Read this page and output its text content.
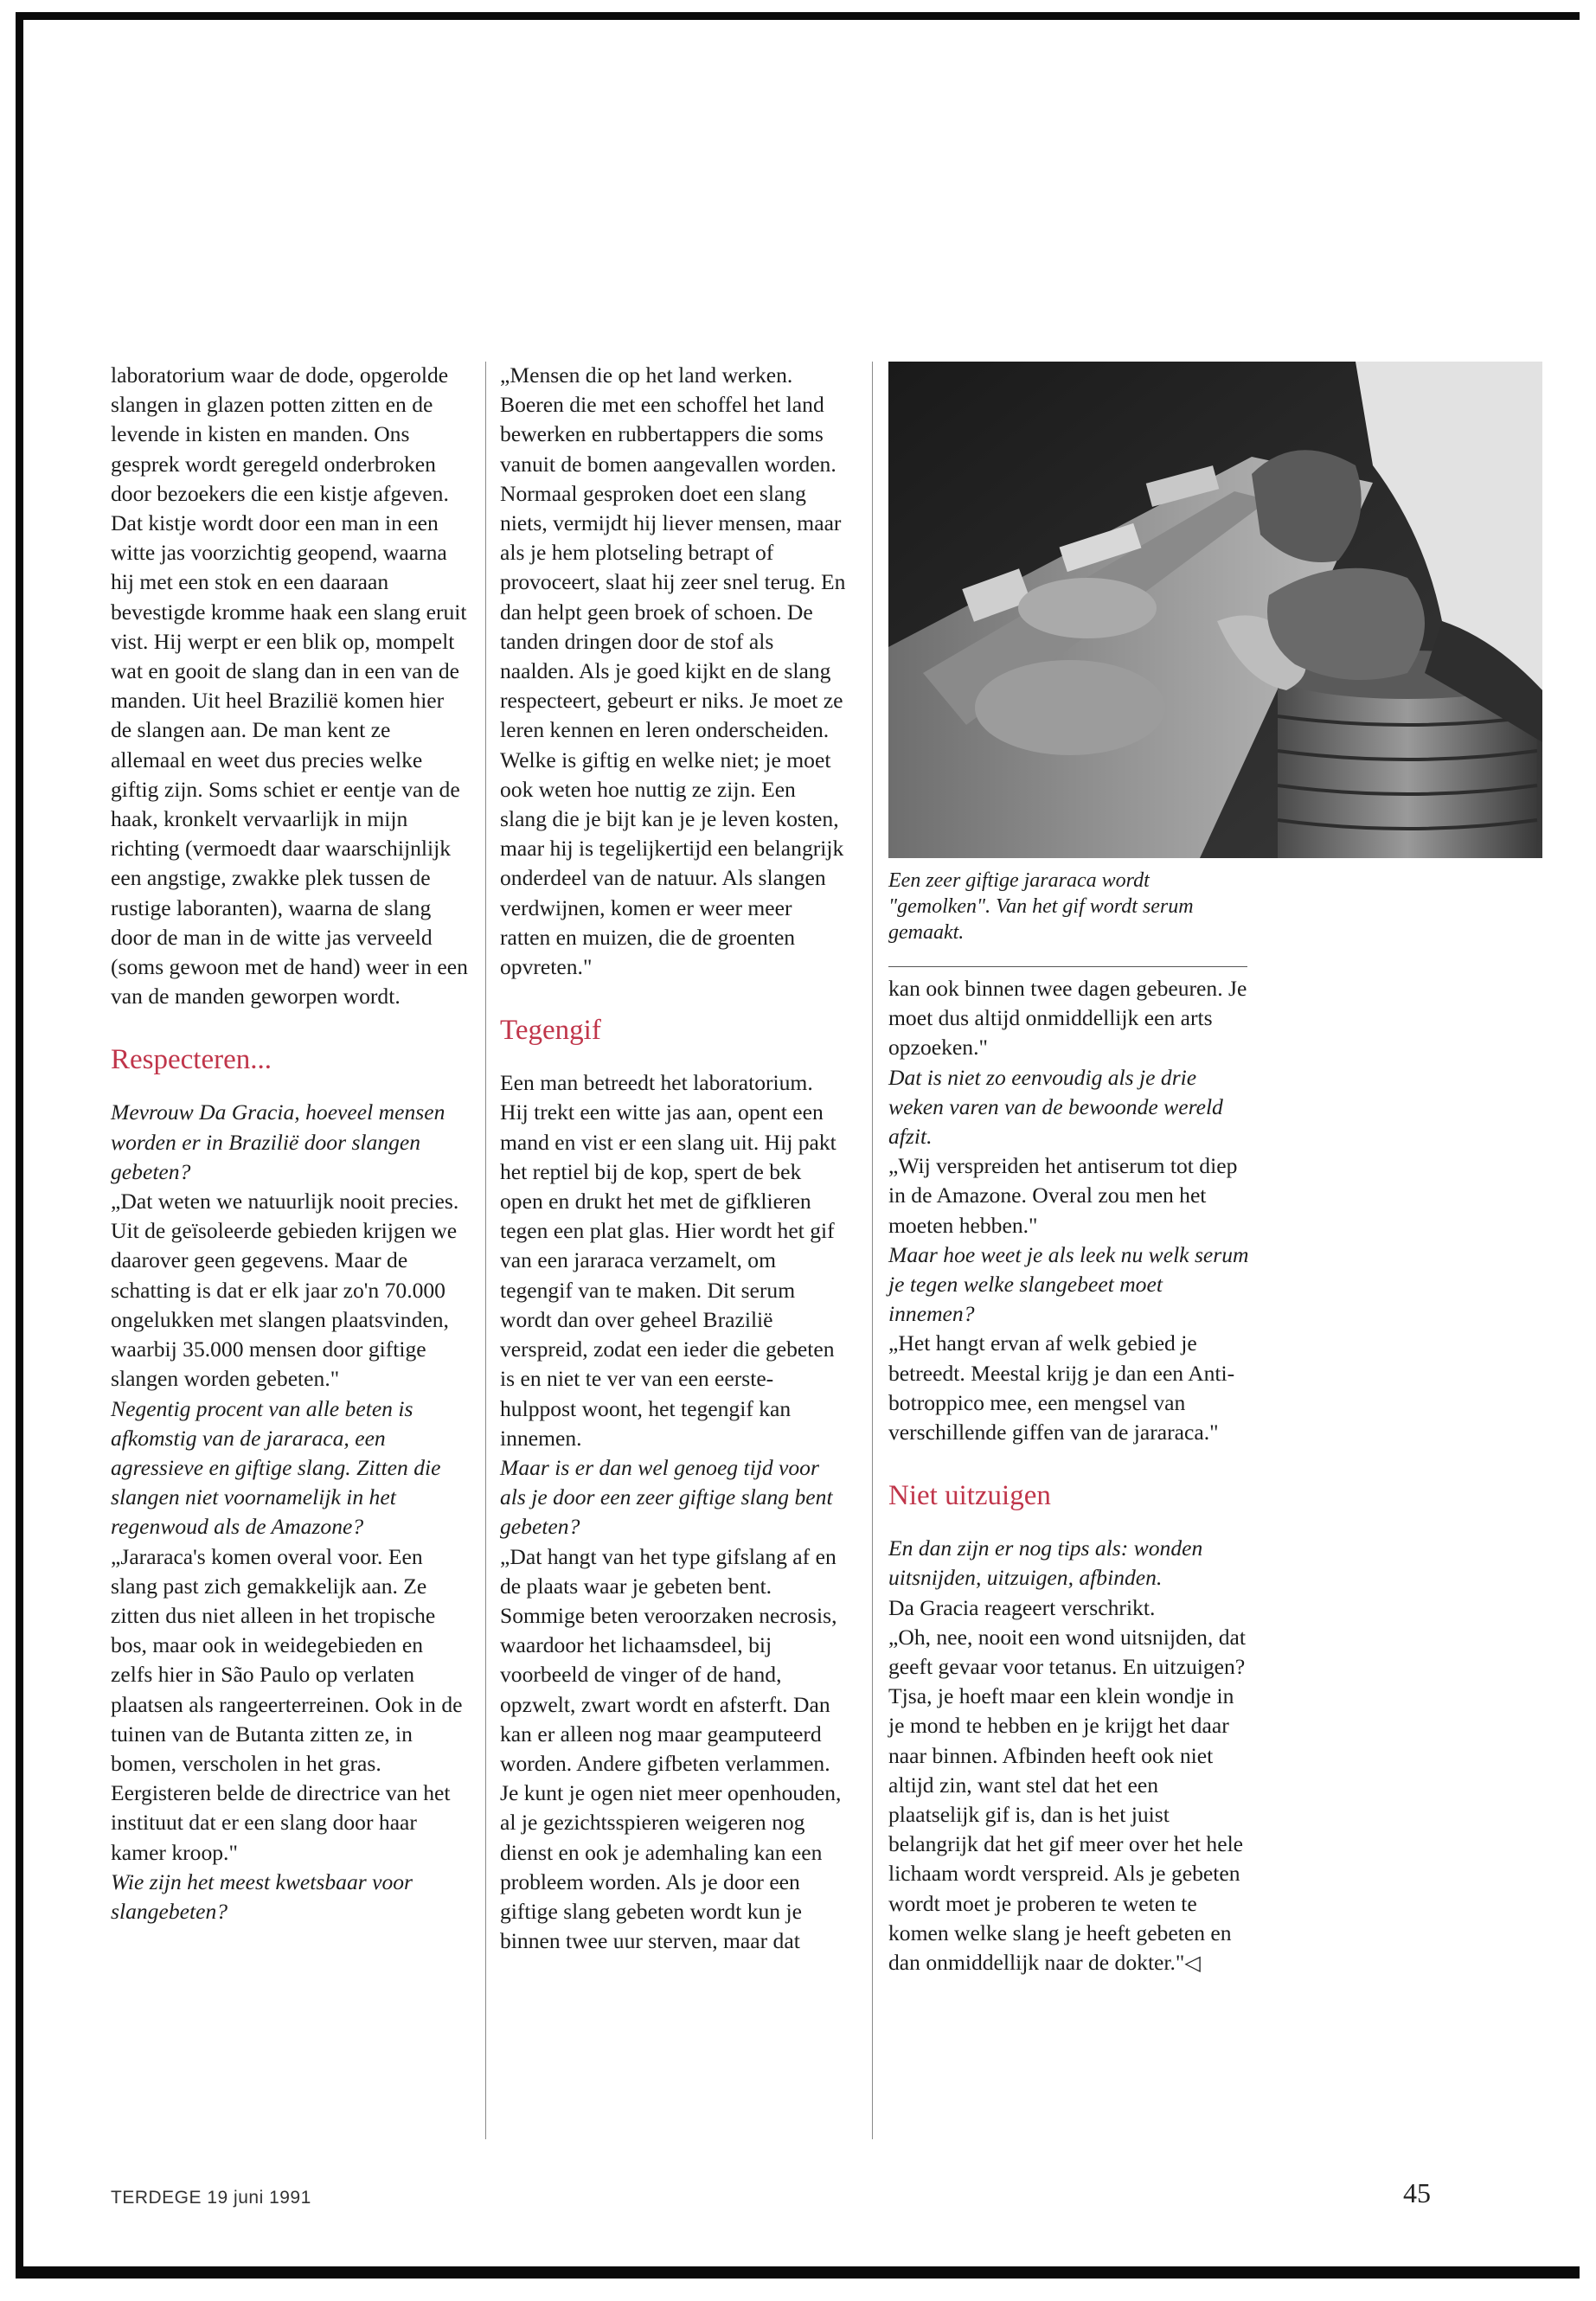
laboratorium waar de dode, opgerolde slangen in glazen potten zitten en de levende in kisten en manden. Ons gesprek wordt geregeld onderbroken door bezoekers die een kistje afgeven. Dat kistje wordt door een man in een witte jas voorzichtig geopend, waarna hij met een stok en een daaraan bevestigde kromme haak een slang eruit vist. Hij werpt er een blik op, mompelt wat en gooit de slang dan in een van de manden. Uit heel Brazilië komen hier de slangen aan. De man kent ze allemaal en weet dus precies welke giftig zijn. Soms schiet er eentje van de haak, kronkelt vervaarlijk in mijn richting (vermoedt daar waarschijnlijk een angstige, zwakke plek tussen de rustige laboranten), waarna de slang door de man in de witte jas verveeld (soms gewoon met de hand) weer in een van de manden geworpen wordt.

Respecteren...

Mevrouw Da Gracia, hoeveel mensen worden er in Brazilië door slangen gebeten?

„Dat weten we natuurlijk nooit precies. Uit de geïsoleerde gebieden krijgen we daarover geen gegevens. Maar de schatting is dat er elk jaar zo'n 70.000 ongelukken met slangen plaatsvinden, waarbij 35.000 mensen door giftige slangen worden gebeten."

Negentig procent van alle beten is afkomstig van de jararaca, een agressieve en giftige slang. Zitten die slangen niet voornamelijk in het regenwoud als de Amazone?

„Jararaca's komen overal voor. Een slang past zich gemakkelijk aan. Ze zitten dus niet alleen in het tropische bos, maar ook in weidegebieden en zelfs hier in São Paulo op verlaten plaatsen als rangeerterreinen. Ook in de tuinen van de Butanta zitten ze, in bomen, verscholen in het gras. Eergisteren belde de directrice van het instituut dat er een slang door haar kamer kroop."

Wie zijn het meest kwetsbaar voor slangebeten?

„Mensen die op het land werken. Boeren die met een schoffel het land bewerken en rubbertappers die soms vanuit de bomen aangevallen worden. Normaal gesproken doet een slang niets, vermijdt hij liever mensen, maar als je hem plotseling betrapt of provoceert, slaat hij zeer snel terug. En dan helpt geen broek of schoen. De tanden dringen door de stof als naalden. Als je goed kijkt en de slang respecteert, gebeurt er niks. Je moet ze leren kennen en leren onderscheiden. Welke is giftig en welke niet; je moet ook weten hoe nuttig ze zijn. Een slang die je bijt kan je je leven kosten, maar hij is tegelijkertijd een belangrijk onderdeel van de natuur. Als slangen verdwijnen, komen er weer meer ratten en muizen, die de groenten opvreten."

Tegengif

Een man betreedt het laboratorium. Hij trekt een witte jas aan, opent een mand en vist er een slang uit. Hij pakt het reptiel bij de kop, spert de bek open en drukt het met de gifklieren tegen een plat glas. Hier wordt het gif van een jararaca verzamelt, om tegengif van te maken. Dit serum wordt dan over geheel Brazilië verspreid, zodat een ieder die gebeten is en niet te ver van een eerste-hulppost woont, het tegengif kan innemen.

Maar is er dan wel genoeg tijd voor als je door een zeer giftige slang bent gebeten?

„Dat hangt van het type gifslang af en de plaats waar je gebeten bent. Sommige beten veroorzaken necrosis, waardoor het lichaamsdeel, bij voorbeeld de vinger of de hand, opzwelt, zwart wordt en afsterft. Dan kan er alleen nog maar geamputeerd worden. Andere gifbeten verlammen. Je kunt je ogen niet meer openhouden, al je gezichtsspieren weigeren nog dienst en ook je ademhaling kan een probleem worden. Als je door een giftige slang gebeten wordt kun je binnen twee uur sterven, maar dat

Een zeer giftige jararaca wordt "gemolken". Van het gif wordt serum gemaakt.

kan ook binnen twee dagen gebeuren. Je moet dus altijd onmiddellijk een arts opzoeken."

Dat is niet zo eenvoudig als je drie weken varen van de bewoonde wereld afzit.

„Wij verspreiden het antiserum tot diep in de Amazone. Overal zou men het moeten hebben."

Maar hoe weet je als leek nu welk serum je tegen welke slangebeet moet innemen?

„Het hangt ervan af welk gebied je betreedt. Meestal krijg je dan een Anti-botroppico mee, een mengsel van verschillende giffen van de jararaca."

Niet uitzuigen

En dan zijn er nog tips als: wonden uitsnijden, uitzuigen, afbinden.

Da Gracia reageert verschrikt.

„Oh, nee, nooit een wond uitsnijden, dat geeft gevaar voor tetanus. En uitzuigen? Tjsa, je hoeft maar een klein wondje in je mond te hebben en je krijgt het daar naar binnen. Afbinden heeft ook niet altijd zin, want stel dat het een plaatselijk gif is, dan is het juist belangrijk dat het gif meer over het hele lichaam wordt verspreid. Als je gebeten wordt moet je proberen te weten te komen welke slang je heeft gebeten en dan onmiddellijk naar de dokter."◁

TERDEGE 19 juni 1991	45
